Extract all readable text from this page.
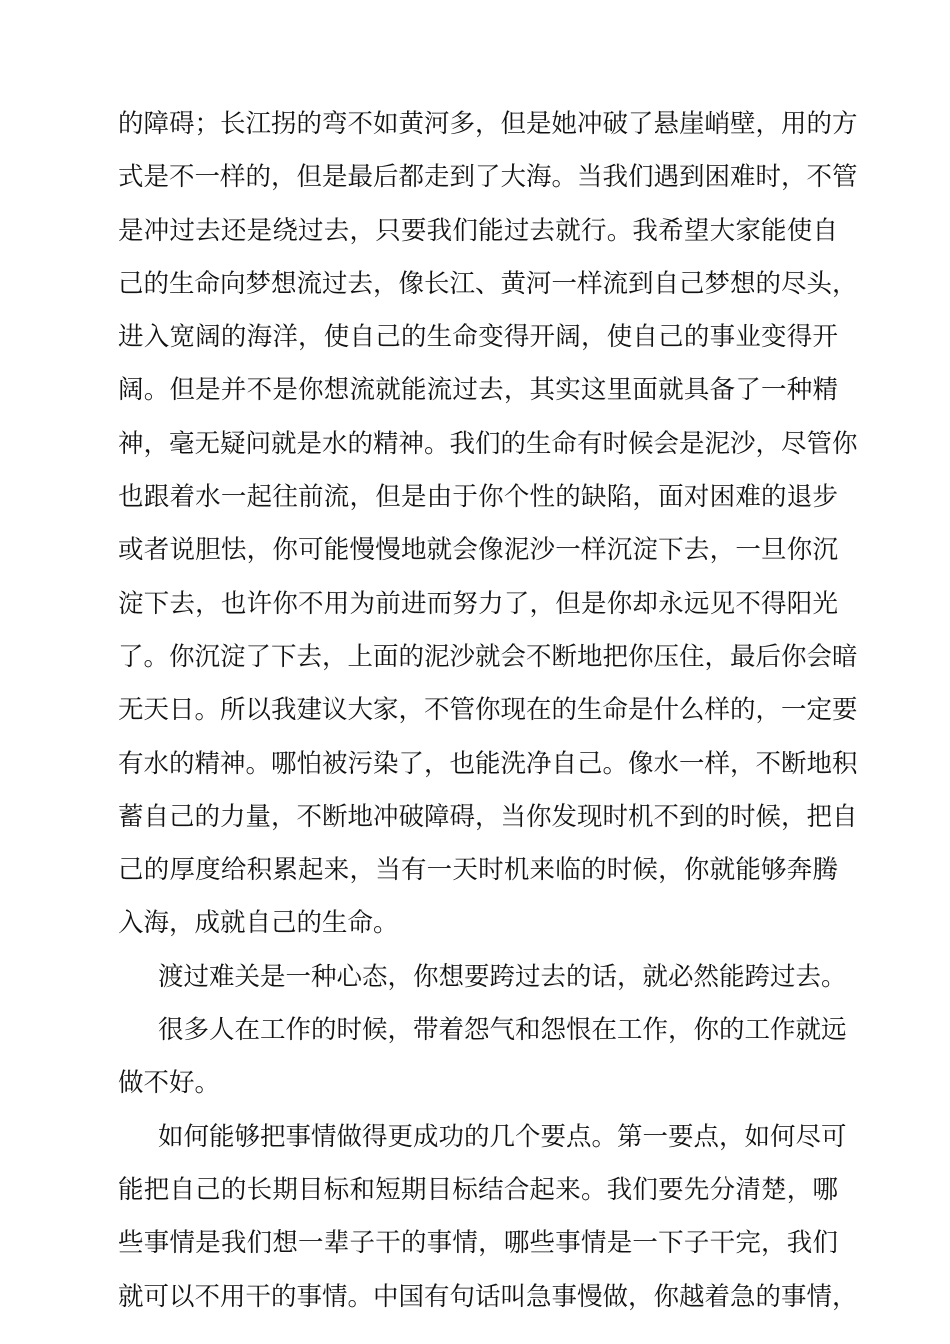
的障碍；长江拐的弯不如黄河多，但是她冲破了悬崖峭壁，用的方
式是不一样的，但是最后都走到了大海。当我们遇到困难时，不管
是冲过去还是绕过去，只要我们能过去就行。我希望大家能使自
己的生命向梦想流过去，像长江、黄河一样流到自己梦想的尽头，
进入宽阔的海洋，使自己的生命变得开阔，使自己的事业变得开
阔。但是并不是你想流就能流过去，其实这里面就具备了一种精
神，毫无疑问就是水的精神。我们的生命有时候会是泥沙，尽管你
也跟着水一起往前流，但是由于你个性的缺陷，面对困难的退步
或者说胆怯，你可能慢慢地就会像泥沙一样沉淀下去，一旦你沉
淀下去，也许你不用为前进而努力了，但是你却永远见不得阳光
了。你沉淀了下去，上面的泥沙就会不断地把你压住，最后你会暗
无天日。所以我建议大家，不管你现在的生命是什么样的，一定要
有水的精神。哪怕被污染了，也能洗净自己。像水一样，不断地积
蓄自己的力量，不断地冲破障碍，当你发现时机不到的时候，把自
己的厚度给积累起来，当有一天时机来临的时候，你就能够奔腾
入海，成就自己的生命。
渡过难关是一种心态，你想要跨过去的话，就必然能跨过去。
很多人在工作的时候，带着怨气和怨恨在工作，你的工作就远
做不好。
如何能够把事情做得更成功的几个要点。第一要点，如何尽可
能把自己的长期目标和短期目标结合起来。我们要先分清楚，哪
些事情是我们想一辈子干的事情，哪些事情是一下子干完，我们
就可以不用干的事情。中国有句话叫急事慢做，你越着急的事情，
